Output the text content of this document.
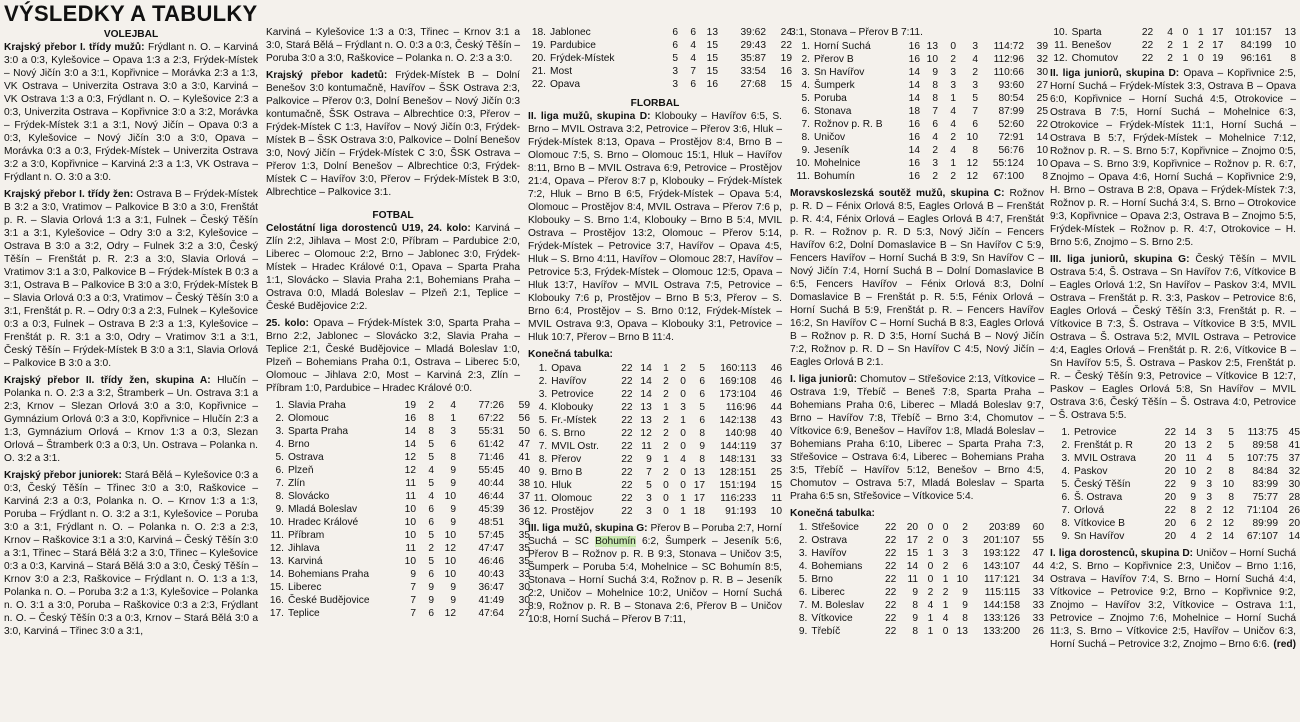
VÝSLEDKY A TABULKY

VOLEJBAL

Krajský přebor I. třídy mužů: Frýdlant n. O. – Karviná 3:0 a 0:3, Kylešovice – Opava 1:3 a 2:3, Frýdek-Místek – Nový Jičín 3:0 a 3:1, Kopřivnice – Morávka 2:3 a 1:3, VK Ostrava – Univerzita Ostrava 3:0 a 3:0, Karviná – VK Ostrava 1:3 a 0:3, Frýdlant n. O. – Kylešovice 2:3 a 0:3, Univerzita Ostrava – Kopřivnice 3:0 a 3:2, Morávka – Frýdek-Místek 3:1 a 3:1, Nový Jičín – Opava 0:3 a 0:3, Kylešovice – Nový Jičín 3:0 a 3:0, Opava – Morávka 0:3 a 0:3, Frýdek-Místek – Univerzita Ostrava 3:2 a 3:0, Kopřivnice – Karviná 2:3 a 1:3, VK Ostrava – Frýdlant n. O. 3:0 a 3:0.

Krajský přebor I. třídy žen: Ostrava B – Frýdek-Místek B 3:2 a 3:0, Vratimov – Palkovice B 3:0 a 3:0, Frenštát p. R. – Slavia Orlová 1:3 a 3:1, Fulnek – Český Těšín 3:1 a 3:1, Kylešovice – Odry 3:0 a 3:2, Kylešovice – Ostrava B 3:0 a 3:2, Odry – Fulnek 3:2 a 3:0, Český Těšín – Frenštát p. R. 2:3 a 3:0, Slavia Orlová – Vratimov 3:1 a 3:0, Palkovice B – Frýdek-Místek B 0:3 a 3:1, Ostrava B – Palkovice B 3:0 a 3:0, Frýdek-Místek B – Slavia Orlová 0:3 a 0:3, Vratimov – Český Těšín 3:0 a 3:1, Frenštát p. R. – Odry 0:3 a 2:3, Fulnek – Kylešovice 0:3 a 0:3, Fulnek – Ostrava B 2:3 a 1:3, Kylešovice – Frenštát p. R. 3:1 a 3:0, Odry – Vratimov 3:1 a 3:1, Český Těšín – Frýdek-Místek B 3:0 a 3:1, Slavia Orlová – Palkovice B 3:0 a 3:0.

Krajský přebor II. třídy žen, skupina A: Hlučín – Polanka n. O. 2:3 a 3:2, Štramberk – Un. Ostrava 3:1 a 2:3, Krnov – Slezan Orlová 3:0 a 3:0, Kopřivnice – Gymnázium Orlová 0:3 a 3:0, Kopřivnice – Hlučín 2:3 a 1:3, Gymnázium Orlová – Krnov 1:3 a 0:3, Slezan Orlová – Štramberk 0:3 a 0:3, Un. Ostrava – Polanka n. O. 3:2 a 3:1.

Krajský přebor juniorek: Stará Bělá – Kylešovice 0:3 a 0:3, Český Těšín – Třinec 3:0 a 3:0, Raškovice – Karviná 2:3 a 0:3, Polanka n. O. – Krnov 1:3 a 1:3, Poruba – Frýdlant n. O. 3:2 a 3:1, Kylešovice – Poruba 3:0 a 3:1, Frýdlant n. O. – Polanka n. O. 2:3 a 2:3, Krnov – Raškovice 3:1 a 3:0, Karviná – Český Těšín 3:0 a 3:1, Třinec – Stará Bělá 3:2 a 3:0, Třinec – Kylešovice 0:3 a 0:3, Karviná – Stará Bělá 3:0 a 3:0, Český Těšín – Krnov 3:0 a 2:3, Raškovice – Frýdlant n. O. 1:3 a 1:3, Polanka n. O. – Poruba 3:2 a 1:3, Kylešovice – Polanka n. O. 3:1 a 3:0, Poruba – Raškovice 0:3 a 2:3, Frýdlant n. O. – Český Těšín 0:3 a 0:3, Krnov – Stará Bělá 3:0 a 3:0, Karviná – Třinec 3:0 a 3:1,

Karviná – Kylešovice 1:3 a 0:3, Třinec – Krnov 3:1 a 3:0, Stará Bělá – Frýdlant n. O. 0:3 a 0:3, Český Těšín – Poruba 3:0 a 3:0, Raškovice – Polanka n. O. 2:3 a 3:0.

Krajský přebor kadetů: Frýdek-Místek B – Dolní Benešov 3:0 kontumačně, Havířov – ŠSK Ostrava 2:3, Palkovice – Přerov 0:3, Dolní Benešov – Nový Jičín 0:3 kontumačně, ŠSK Ostrava – Albrechtice 0:3, Přerov – Frýdek-Místek C 1:3, Havířov – Nový Jičín 0:3, Frýdek-Místek B – ŠSK Ostrava 3:0, Palkovice – Dolní Benešov 3:0, Nový Jičín – Frýdek-Místek C 3:0, ŠSK Ostrava – Přerov 1:3, Dolní Benešov – Albrechtice 0:3, Frýdek-Místek C – Havířov 3:0, Přerov – Frýdek-Místek B 3:0, Albrechtice – Palkovice 3:1.

FOTBAL

Celostátní liga dorostenců U19, 24. kolo: Karviná – Zlín 2:2, Jihlava – Most 2:0, Příbram – Pardubice 2:0, Liberec – Olomouc 2:2, Brno – Jablonec 3:0, Frýdek-Místek – Hradec Králové 0:1, Opava – Sparta Praha 1:1, Slovácko – Slavia Praha 2:1, Bohemians Praha – Ostrava 0:0, Mladá Boleslav – Plzeň 2:1, Teplice – České Budějovice 2:2.

25. kolo: Opava – Frýdek-Místek 3:0, Sparta Praha – Brno 2:2, Jablonec – Slovácko 3:2, Slavia Praha – Teplice 2:1, České Budějovice – Mladá Boleslav 1:0, Plzeň – Bohemians Praha 0:1, Ostrava – Liberec 5:0, Olomouc – Jihlava 2:0, Most – Karviná 2:3, Zlín – Příbram 1:0, Pardubice – Hradec Králové 0:0.

1.	Slavia Praha	19	2	4	77:26	59
2.	Olomouc	16	8	1	67:22	56
3.	Sparta Praha	14	8	3	55:31	50
4.	Brno	14	5	6	61:42	47
5.	Ostrava	12	5	8	71:46	41
6.	Plzeň	12	4	9	55:45	40
7.	Zlín	11	5	9	40:44	38
8.	Slovácko	11	4	10	46:44	37
9.	Mladá Boleslav	10	6	9	45:39	36
10.	Hradec Králové	10	6	9	48:51	36
11.	Příbram	10	5	10	57:45	35
12.	Jihlava	11	2	12	47:47	35
13.	Karviná	10	5	10	46:46	35
14.	Bohemians Praha	9	6	10	40:43	33
15.	Liberec	7	9	9	36:47	30
16.	České Budějovice	7	9	9	41:49	30
17.	Teplice	7	6	12	47:64	27
18.	Jablonec	6	6	13	39:62	24
19.	Pardubice	6	4	15	29:43	22
20.	Frýdek-Místek	5	4	15	35:87	19
21.	Most	3	7	15	33:54	16
22.	Opava	3	6	16	27:68	15

FLORBAL

II. liga mužů, skupina D: Klobouky – Havířov 6:5, S. Brno – MVIL Ostrava 3:2, Petrovice – Přerov 3:6, Hluk – Frýdek-Místek 8:13, Opava – Prostějov 8:4, Brno B – Olomouc 7:5, S. Brno – Olomouc 15:1, Hluk – Havířov 8:11, Brno B – MVIL Ostrava 6:9, Petrovice – Prostějov 21:4, Opava – Přerov 8:7 p, Klobouky – Frýdek-Místek 7:2, Hluk – Brno B 6:5, Frýdek-Místek – Opava 5:4, Olomouc – Prostějov 8:4, MVIL Ostrava – Přerov 7:6 p, Klobouky – S. Brno 1:4, Klobouky – Brno B 5:4, MVIL Ostrava – Prostějov 13:2, Olomouc – Přerov 5:14, Frýdek-Místek – Petrovice 3:7, Havířov – Opava 4:5, Hluk – S. Brno 4:11, Havířov – Olomouc 28:7, Havířov – Petrovice 5:3, Frýdek-Místek – Olomouc 12:5, Opava – Hluk 13:7, Havířov – MVIL Ostrava 7:5, Petrovice – Klobouky 7:6 p, Prostějov – Brno B 5:3, Přerov – S. Brno 6:4, Prostějov – S. Brno 0:12, Frýdek-Místek – MVIL Ostrava 9:3, Opava – Klobouky 3:1, Petrovice – Hluk 10:7, Přerov – Brno B 11:4.

Konečná tabulka:

1.	Opava	22	14	1	2	5	160:113	46
2.	Havířov	22	14	2	0	6	169:108	46
3.	Petrovice	22	14	2	0	6	173:104	46
4.	Klobouky	22	13	1	3	5	116:96	44
5.	Fr.-Místek	22	13	2	1	6	142:138	43
6.	S. Brno	22	12	2	0	8	140:98	40
7.	MVIL Ostr.	22	11	2	0	9	144:119	37
8.	Přerov	22	9	1	4	8	148:131	33
9.	Brno B	22	7	2	0	13	128:151	25
10.	Hluk	22	5	0	0	17	151:194	15
11.	Olomouc	22	3	0	1	17	116:233	11
12.	Prostějov	22	3	0	1	18	91:193	10

III. liga mužů, skupina G: Přerov B – Poruba 2:7, Horní Suchá – SC Bohumín 6:2, Šumperk – Jeseník 5:6, Přerov B – Rožnov p. R. B 9:3, Stonava – Uničov 3:5, Šumperk – Poruba 5:4, Mohelnice – SC Bohumín 8:5, Stonava – Horní Suchá 3:4, Rožnov p. R. B – Jeseník 2:2, Uničov – Mohelnice 10:2, Uničov – Horní Suchá 8:9, Rožnov p. R. B – Stonava 2:6, Přerov B – Uničov 10:8, Horní Suchá – Přerov B 7:11,

3:1, Stonava – Přerov B 7:11.

1.	Horní Suchá	16	13	0	3	114:72	39
2.	Přerov B	16	10	2	4	112:96	32
3.	Sn Havířov	14	9	3	2	110:66	30
4.	Šumperk	14	8	3	3	93:60	27
5.	Poruba	14	8	1	5	80:54	25
6.	Stonava	18	7	4	7	87:99	25
7.	Rožnov p. R. B	16	6	4	6	52:60	22
8.	Uničov	16	4	2	10	72:91	14
9.	Jeseník	14	2	4	8	56:76	10
10.	Mohelnice	16	3	1	12	55:124	10
11.	Bohumín	16	2	2	12	67:100	8

Moravskoslezská soutěž mužů, skupina C: Rožnov p. R. D – Fénix Orlová 8:5, Eagles Orlová B – Frenštát p. R. 4:4, Fénix Orlová – Eagles Orlová B 4:7, Frenštát p. R. – Rožnov p. R. D 5:3, Nový Jičín – Fencers Havířov 6:2, Dolní Domaslavice B – Sn Havířov C 5:9, Fencers Havířov – Horní Suchá B 3:9, Sn Havířov C – Nový Jičín 7:4, Horní Suchá B – Dolní Domaslavice B 6:5, Fencers Havířov – Fénix Orlová 8:3, Dolní Domaslavice B – Frenštát p. R. 5:5, Fénix Orlová – Horní Suchá B 5:9, Frenštát p. R. – Fencers Havířov 16:2, Sn Havířov C – Horní Suchá B 8:3, Eagles Orlová B – Rožnov p. R. D 3:5, Horní Suchá B – Nový Jičín 7:2, Rožnov p. R. D – Sn Havířov C 4:5, Nový Jičín – Eagles Orlová B 2:1.

I. liga juniorů: Chomutov – Střešovice 2:13, Vítkovice – Ostrava 1:9, Třebíč – Beneš 7:8, Sparta Praha – Bohemians Praha 0:6, Liberec – Mladá Boleslav 9:7, Brno – Havířov 7:8, Třebíč – Brno 3:4, Chomutov – Vítkovice 6:9, Benešov – Havířov 1:8, Mladá Boleslav – Bohemians Praha 6:10, Liberec – Sparta Praha 7:3, Střešovice – Ostrava 6:4, Liberec – Bohemians Praha 3:5, Třebíč – Havířov 5:12, Benešov – Brno 4:5, Chomutov – Ostrava 5:7, Mladá Boleslav – Sparta Praha 6:5 sn, Střešovice – Vítkovice 5:4.

Konečná tabulka:

1.	Střešovice	22	20	0	0	2	203:89	60
2.	Ostrava	22	17	2	0	3	201:107	55
3.	Havířov	22	15	1	3	3	193:122	47
4.	Bohemians	22	14	0	2	6	143:107	44
5.	Brno	22	11	0	1	10	117:121	34
6.	Liberec	22	9	2	2	9	115:115	33
7.	M. Boleslav	22	8	4	1	9	144:158	33
8.	Vítkovice	22	9	1	4	8	133:126	33
9.	Třebíč	22	8	1	0	13	133:200	26
10.	Sparta	22	4	0	1	17	101:157	13
11.	Benešov	22	2	1	2	17	84:199	10
12.	Chomutov	22	2	1	0	19	96:161	8

II. liga juniorů, skupina D: Opava – Kopřivnice 2:5, Horní Suchá – Frýdek-Místek 3:3, Ostrava B – Opava 6:0, Kopřivnice – Horní Suchá 4:5, Otrokovice – Ostrava B 7:5, Horní Suchá – Mohelnice 6:3, Otrokovice – Frýdek-Místek 11:1, Horní Suchá – Ostrava B 5:7, Frýdek-Místek – Mohelnice 7:12, Rožnov p. R. – S. Brno 5:7, Kopřivnice – Znojmo 0:5, Opava – S. Brno 3:9, Kopřivnice – Rožnov p. R. 6:7, Znojmo – Opava 4:6, Horní Suchá – Kopřivnice 2:9, H. Brno – Ostrava B 2:8, Opava – Frýdek-Místek 7:3, Rožnov p. R. – Horní Suchá 3:4, S. Brno – Otrokovice 9:3, Kopřivnice – Opava 2:3, Ostrava B – Znojmo 5:5, Frýdek-Místek – Rožnov p. R. 4:7, Otrokovice – H. Brno 5:6, Znojmo – S. Brno 2:5.

III. liga juniorů, skupina G: Český Těšín – MVIL Ostrava 5:4, Š. Ostrava – Sn Havířov 7:6, Vítkovice B – Eagles Orlová 1:2, Sn Havířov – Paskov 3:4, MVIL Ostrava – Frenštát p. R. 3:3, Paskov – Petrovice 8:6, Eagles Orlová – Český Těšín 3:3, Frenštát p. R. – Vítkovice B 7:3, Š. Ostrava – Vítkovice B 3:5, MVIL Ostrava – Š. Ostrava 5:2, MVIL Ostrava – Petrovice 4:4, Eagles Orlová – Frenštát p. R. 2:6, Vítkovice B – Sn Havířov 5:5, Š. Ostrava – Paskov 2:5, Frenštát p. R. – Český Těšín 9:3, Petrovice – Vítkovice B 12:7, Paskov – Eagles Orlová 5:8, Sn Havířov – MVIL Ostrava 3:6, Český Těšín – Š. Ostrava 4:0, Petrovice – Š. Ostrava 5:5.

1.	Petrovice	22	14	3	5	113:75	45
2.	Frenštát p. R	20	13	2	5	89:58	41
3.	MVIL Ostrava	20	11	4	5	107:75	37
4.	Paskov	20	10	2	8	84:84	32
5.	Český Těšín	22	9	3	10	83:99	30
6.	Š. Ostrava	20	9	3	8	75:77	28
7.	Orlová	22	8	2	12	71:104	26
8.	Vítkovice B	20	6	2	12	89:99	20
9.	Sn Havířov	20	4	2	14	67:107	14

I. liga dorostenců, skupina D: Uničov – Horní Suchá 4:2, S. Brno – Kopřivnice 2:3, Uničov – Brno 1:16, Ostrava – Havířov 7:4, S. Brno – Horní Suchá 4:4, Vítkovice – Petrovice 9:2, Brno – Kopřivnice 9:2, Znojmo – Havířov 3:2, Vítkovice – Ostrava 1:1, Petrovice – Znojmo 7:6, Mohelnice – Horní Suchá 11:3, S. Brno – Vítkovice 2:5, Havířov – Uničov 6:3, Horní Suchá – Petrovice 3:2, Znojmo – Brno 6:6. (red)
